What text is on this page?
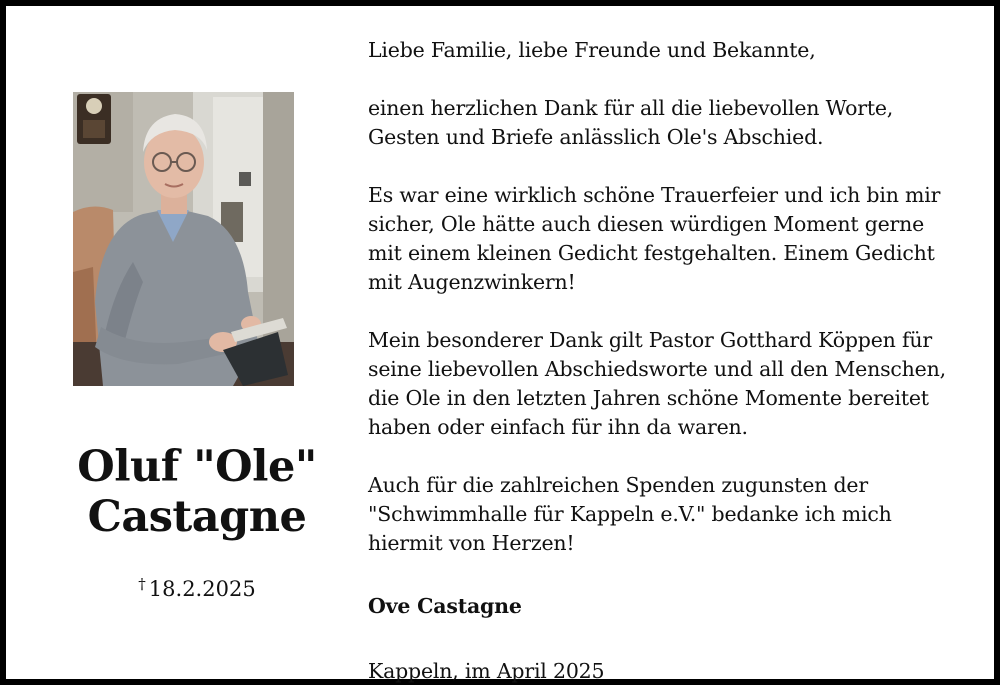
Oluf "Ole"
Castagne
† 18.2.2025

Liebe Familie, liebe Freunde und Bekannte,

einen herzlichen Dank für all die liebevollen Worte,
Gesten und Briefe anlässlich Ole's Abschied.

Es war eine wirklich schöne Trauerfeier und ich bin mir
sicher, Ole hätte auch diesen würdigen Moment gerne
mit einem kleinen Gedicht festgehalten. Einem Gedicht
mit Augenzwinkern!

Mein besonderer Dank gilt Pastor Gotthard Köppen für
seine liebevollen Abschiedsworte und all den Menschen,
die Ole in den letzten Jahren schöne Momente bereitet
haben oder einfach für ihn da waren.

Auch für die zahlreichen Spenden zugunsten der
"Schwimmhalle für Kappeln e.V." bedanke ich mich
hiermit von Herzen!

Ove Castagne

Kappeln, im April 2025
